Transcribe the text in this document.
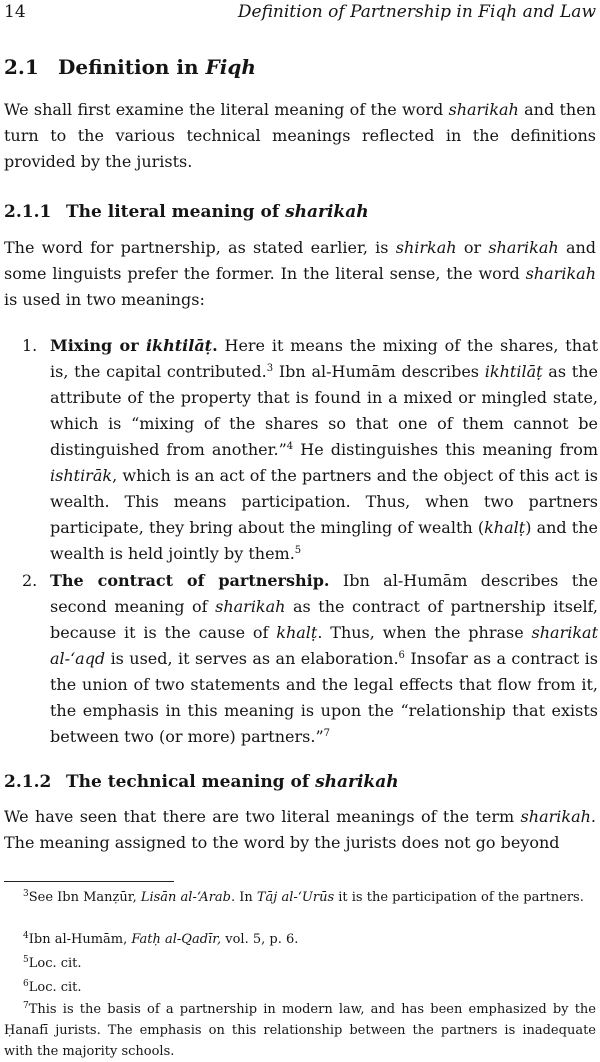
14	Definition of Partnership in Fiqh and Law
2.1 Definition in Fiqh
We shall first examine the literal meaning of the word sharikah and then turn to the various technical meanings reflected in the definitions provided by the jurists.
2.1.1 The literal meaning of sharikah
The word for partnership, as stated earlier, is shirkah or sharikah and some linguists prefer the former. In the literal sense, the word sharikah is used in two meanings:
1. Mixing or ikhtilāṭ. Here it means the mixing of the shares, that is, the capital contributed.$^3$ Ibn al-Humām describes ikhtilāṭ as the attribute of the property that is found in a mixed or mingled state, which is “mixing of the shares so that one of them cannot be distinguished from another.”$^4$ He distinguishes this meaning from ishtirāk, which is an act of the partners and the object of this act is wealth. This means participation. Thus, when two partners participate, they bring about the mingling of wealth (khalṭ) and the wealth is held jointly by them.$^5$
2. The contract of partnership. Ibn al-Humām describes the second meaning of sharikah as the contract of partnership itself, because it is the cause of khalṭ. Thus, when the phrase sharikat al-‘aqd is used, it serves as an elaboration.$^6$ Insofar as a contract is the union of two statements and the legal effects that flow from it, the emphasis in this meaning is upon the “relationship that exists between two (or more) partners.”$^7$
2.1.2 The technical meaning of sharikah
We have seen that there are two literal meanings of the term sharikah. The meaning assigned to the word by the jurists does not go beyond
$^3$See Ibn Manẓūr, Lisān al-‘Arab. In Tāj al-‘Urūs it is the participation of the partners.
$^4$Ibn al-Humām, Fatḥ al-Qadīr, vol. 5, p. 6.
$^5$Loc. cit.
$^6$Loc. cit.
$^7$This is the basis of a partnership in modern law, and has been emphasized by the Ḥanafī jurists. The emphasis on this relationship between the partners is inadequate with the majority schools.
